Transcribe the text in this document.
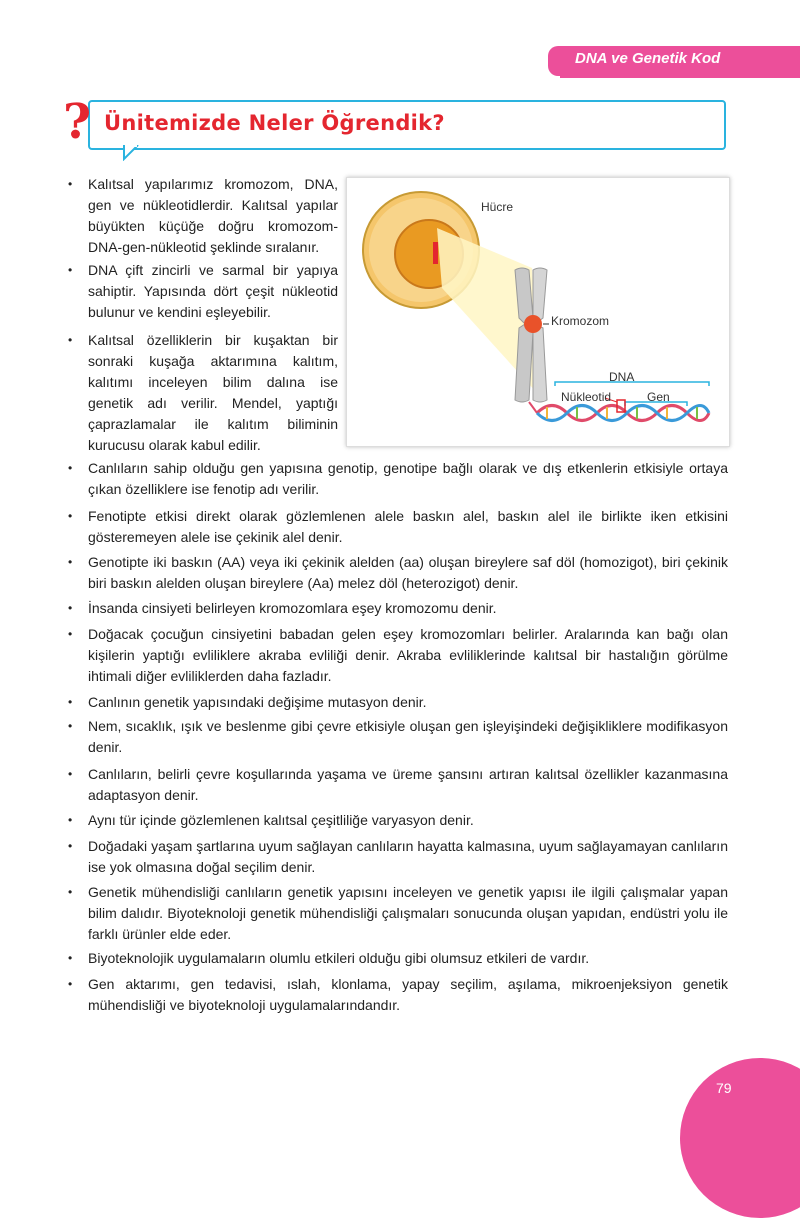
DNA ve Genetik Kod
? Ünitemizde Neler Öğrendik?
Hücre
Kromozom
DNA
Nükleotid	Gen
• Kalıtsal yapılarımız kromozom, DNA, gen ve nükleotidlerdir. Kalıtsal yapılar büyükten küçüğe doğru kromozom-DNA-gen-nükleotid şeklinde sıralanır.
• DNA çift zincirli ve sarmal bir yapıya sahiptir. Yapısında dört çeşit nükleotid bulunur ve kendini eşleyebilir.
• Kalıtsal özelliklerin bir kuşaktan bir sonraki kuşağa aktarımına kalıtım, kalıtımı inceleyen bilim dalına ise genetik adı verilir. Mendel, yaptığı çaprazlamalar ile kalıtım biliminin kurucusu olarak kabul edilir.
• Canlıların sahip olduğu gen yapısına genotip, genotipe bağlı olarak ve dış etkenlerin etkisiyle ortaya çıkan özelliklere ise fenotip adı verilir.
• Fenotipte etkisi direkt olarak gözlemlenen alele baskın alel, baskın alel ile birlikte iken etkisini gösteremeyen alele ise çekinik alel denir.
• Genotipte iki baskın (AA) veya iki çekinik alelden (aa) oluşan bireylere saf döl (homozigot), biri çekinik biri baskın alelden oluşan bireylere (Aa) melez döl (heterozigot) denir.
• İnsanda cinsiyeti belirleyen kromozomlara eşey kromozomu denir.
• Doğacak çocuğun cinsiyetini babadan gelen eşey kromozomları belirler. Aralarında kan bağı olan kişilerin yaptığı evliliklere akraba evliliği denir. Akraba evliliklerinde kalıtsal bir hastalığın görülme ihtimali diğer evliliklerden daha fazladır.
• Canlının genetik yapısındaki değişime mutasyon denir.
• Nem, sıcaklık, ışık ve beslenme gibi çevre etkisiyle oluşan gen işleyişindeki değişikliklere modifikasyon denir.
• Canlıların, belirli çevre koşullarında yaşama ve üreme şansını artıran kalıtsal özellikler kazanmasına adaptasyon denir.
• Aynı tür içinde gözlemlenen kalıtsal çeşitliliğe varyasyon denir.
• Doğadaki yaşam şartlarına uyum sağlayan canlıların hayatta kalmasına, uyum sağlayamayan canlıların ise yok olmasına doğal seçilim denir.
• Genetik mühendisliği canlıların genetik yapısını inceleyen ve genetik yapısı ile ilgili çalışmalar yapan bilim dalıdır. Biyoteknoloji genetik mühendisliği çalışmaları sonucunda oluşan yapıdan, endüstri yolu ile farklı ürünler elde eder.
• Biyoteknolojik uygulamaların olumlu etkileri olduğu gibi olumsuz etkileri de vardır.
• Gen aktarımı, gen tedavisi, ıslah, klonlama, yapay seçilim, aşılama, mikroenjeksiyon genetik mühendisliği ve biyoteknoloji uygulamalarındandır.
79
